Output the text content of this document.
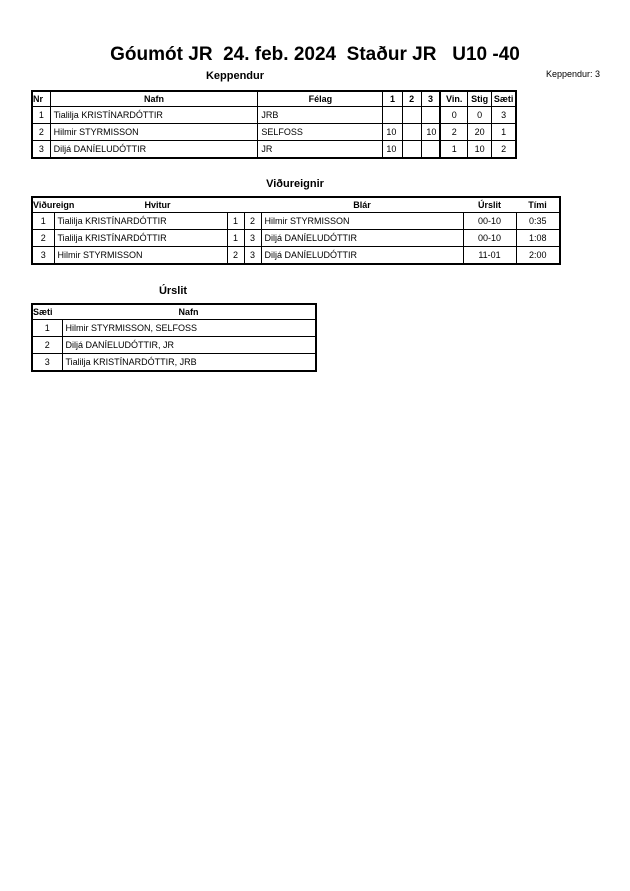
Góumót JR  24. feb. 2024  Staður JR   U10 -40
Keppendur: 3
Keppendur
Nr	Nafn	Félag	1	2	3	Vin.	Stig	Sæti
1	Tialilja KRISTÍNARDÓTTIR	JRB				0	0	3
2	Hilmir STYRMISSON	SELFOSS	10		10	2	20	1
3	Diljá DANÍELUDÓTTIR	JR	10			1	10	2
Viðureignir
Viðureign	Hvitur			Blár	Úrslit	Tími
1	Tialilja KRISTÍNARDÓTTIR	1	2	Hilmir STYRMISSON	00-10	0:35
2	Tialilja KRISTÍNARDÓTTIR	1	3	Diljá DANÍELUDÓTTIR	00-10	1:08
3	Hilmir STYRMISSON	2	3	Diljá DANÍELUDÓTTIR	11-01	2:00
Úrslit
Sæti	Nafn
1	Hilmir STYRMISSON, SELFOSS
2	Diljá DANÍELUDÓTTIR, JR
3	Tialilja KRISTÍNARDÓTTIR, JRB
